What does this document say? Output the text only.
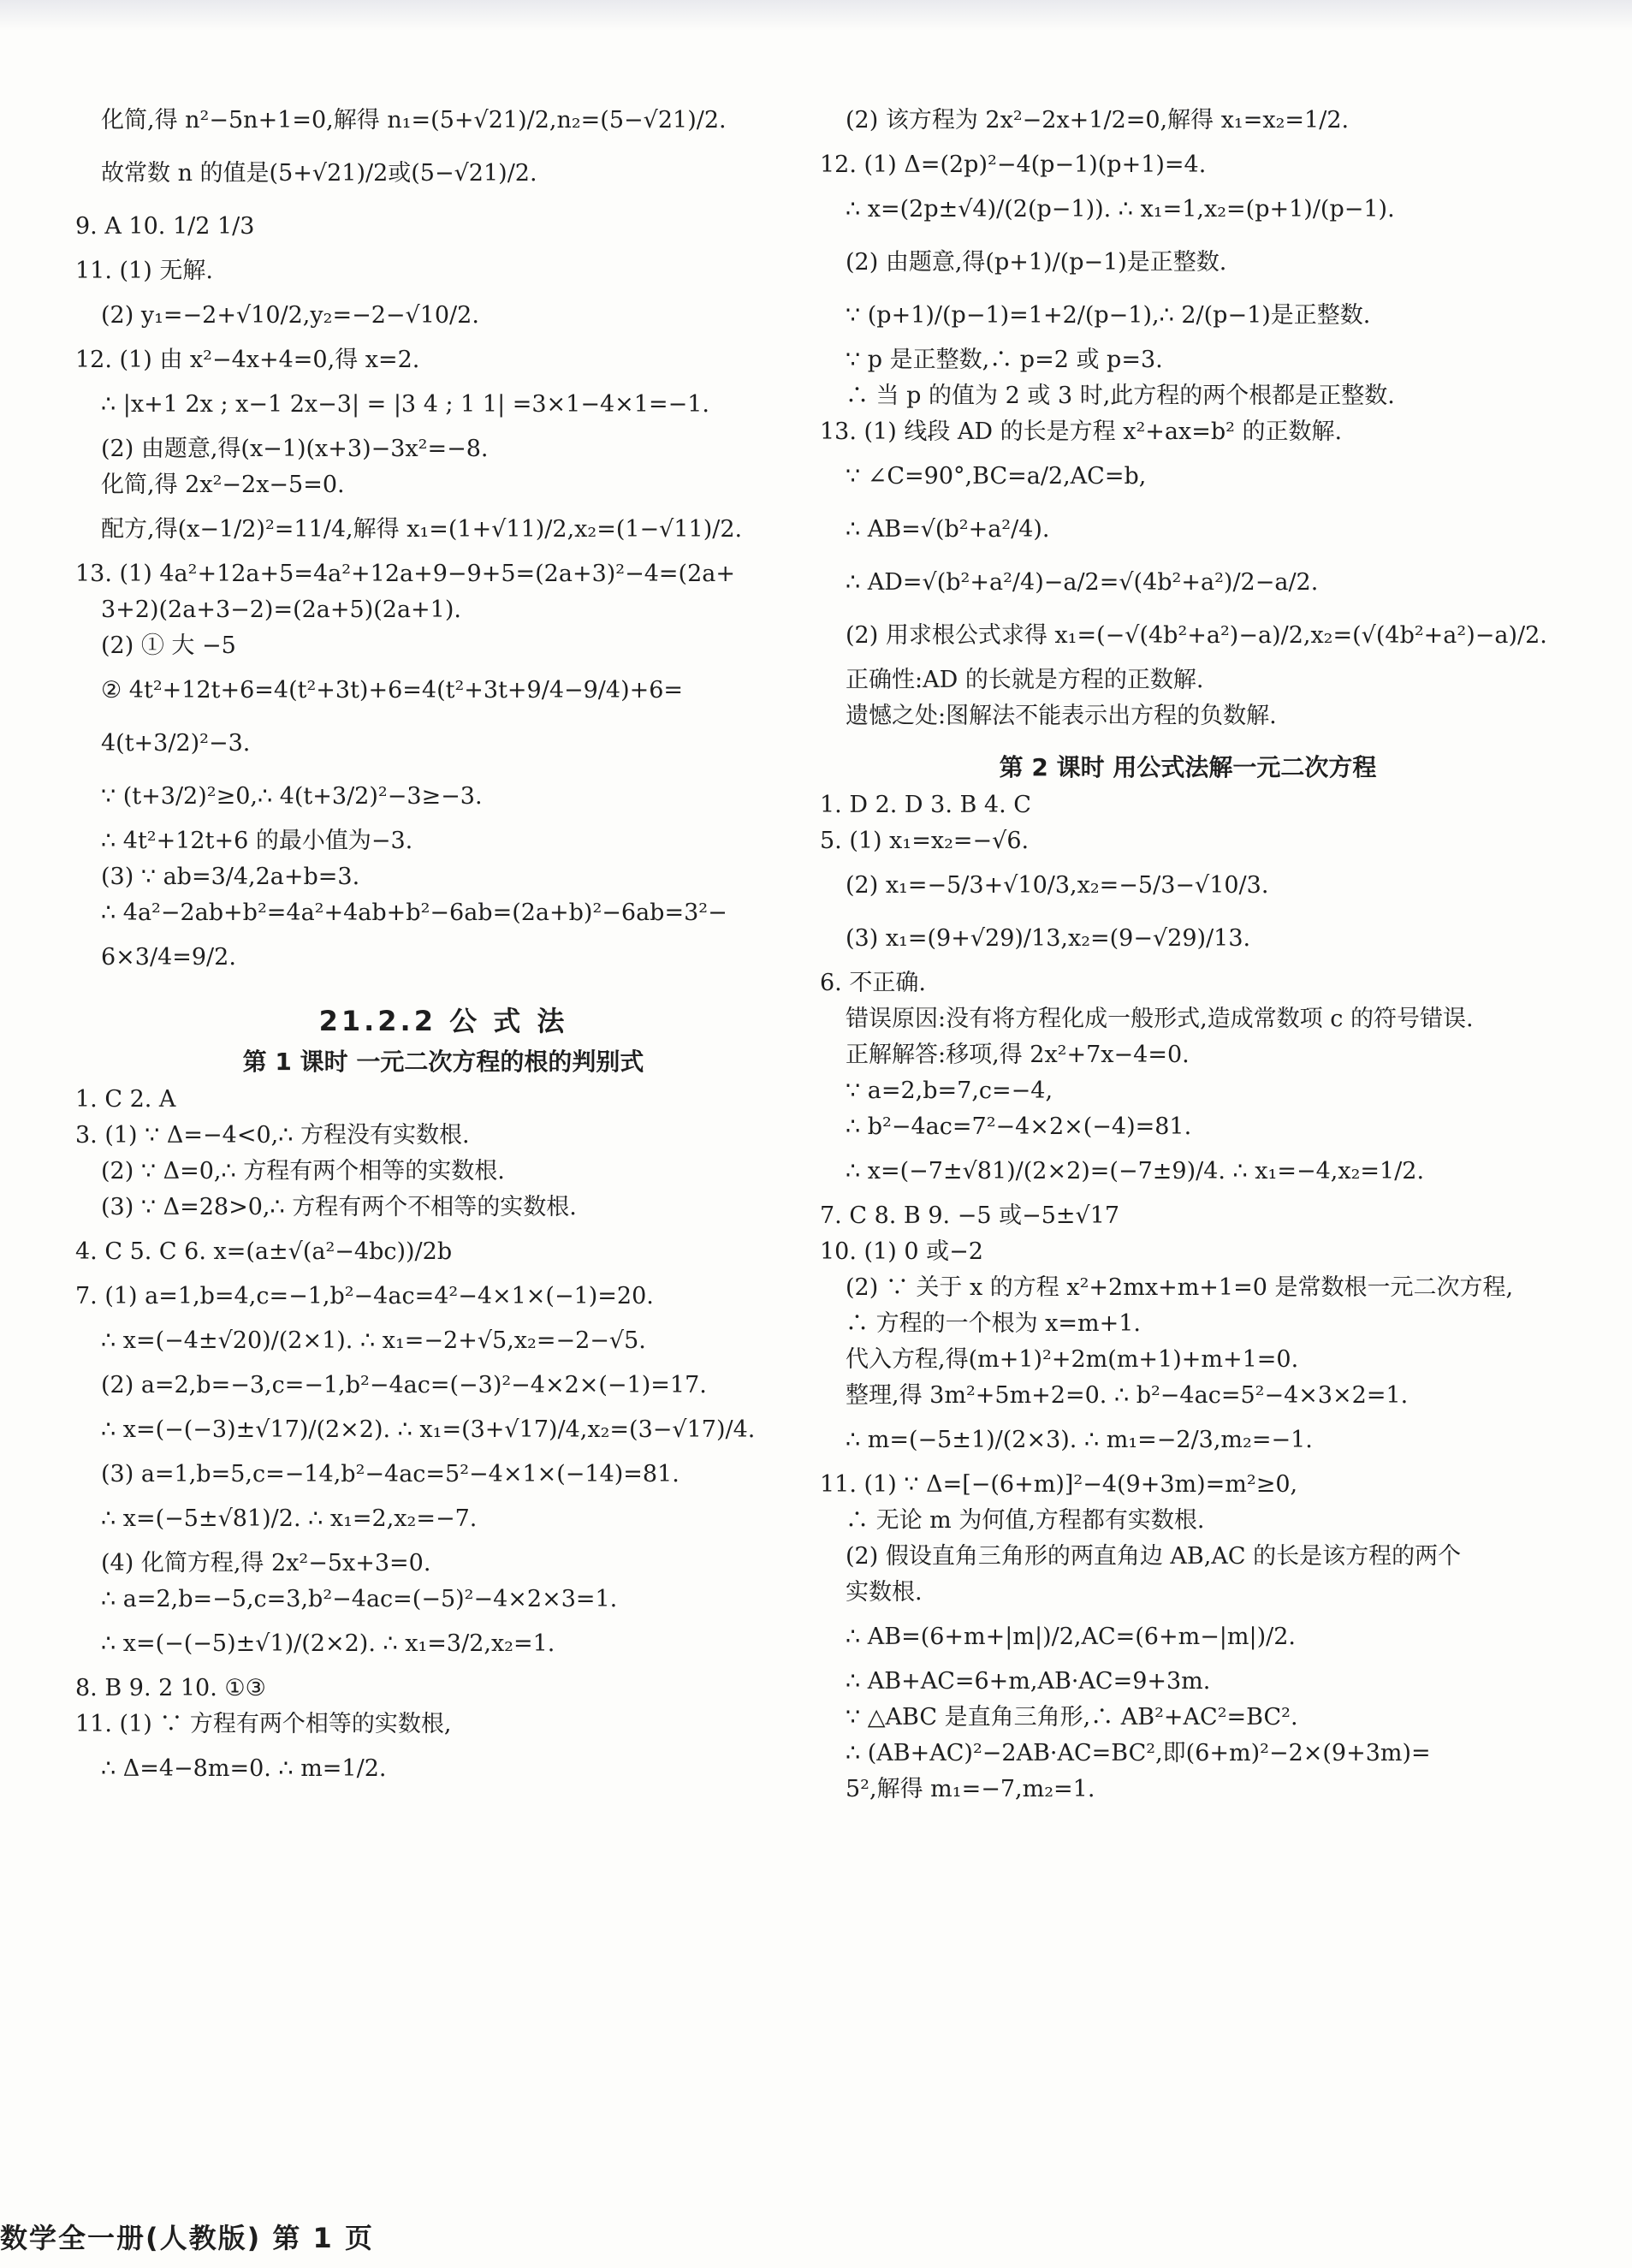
化简,得 n²−5n+1=0,解得 n₁=(5+√21)/2,n₂=(5−√21)/2.
故常数 n 的值是(5+√21)/2或(5−√21)/2.
9. A 10. 1/2 1/3
11. (1) 无解.
(2) y₁=−2+√10/2,y₂=−2−√10/2.
12. (1) 由 x²−4x+4=0,得 x=2.
∴ |x+1 2x ; x−1 2x−3| = |3 4 ; 1 1| =3×1−4×1=−1.
(2) 由题意,得(x−1)(x+3)−3x²=−8.
化简,得 2x²−2x−5=0.
配方,得(x−1/2)²=11/4,解得 x₁=(1+√11)/2,x₂=(1−√11)/2.
13. (1) 4a²+12a+5=4a²+12a+9−9+5=(2a+3)²−4=(2a+
3+2)(2a+3−2)=(2a+5)(2a+1).
(2) ① 大 −5
② 4t²+12t+6=4(t²+3t)+6=4(t²+3t+9/4−9/4)+6=
4(t+3/2)²−3.
∵ (t+3/2)²≥0,∴ 4(t+3/2)²−3≥−3.
∴ 4t²+12t+6 的最小值为−3.
(3) ∵ ab=3/4,2a+b=3.
∴ 4a²−2ab+b²=4a²+4ab+b²−6ab=(2a+b)²−6ab=3²−
6×3/4=9/2.
21.2.2 公 式 法
第 1 课时 一元二次方程的根的判别式
1. C 2. A
3. (1) ∵ Δ=−4<0,∴ 方程没有实数根.
(2) ∵ Δ=0,∴ 方程有两个相等的实数根.
(3) ∵ Δ=28>0,∴ 方程有两个不相等的实数根.
4. C 5. C 6. x=(a±√(a²−4bc))/2b
7. (1) a=1,b=4,c=−1,b²−4ac=4²−4×1×(−1)=20.
∴ x=(−4±√20)/(2×1). ∴ x₁=−2+√5,x₂=−2−√5.
(2) a=2,b=−3,c=−1,b²−4ac=(−3)²−4×2×(−1)=17.
∴ x=(−(−3)±√17)/(2×2). ∴ x₁=(3+√17)/4,x₂=(3−√17)/4.
(3) a=1,b=5,c=−14,b²−4ac=5²−4×1×(−14)=81.
∴ x=(−5±√81)/2. ∴ x₁=2,x₂=−7.
(4) 化简方程,得 2x²−5x+3=0.
∴ a=2,b=−5,c=3,b²−4ac=(−5)²−4×2×3=1.
∴ x=(−(−5)±√1)/(2×2). ∴ x₁=3/2,x₂=1.
8. B 9. 2 10. ①③
11. (1) ∵ 方程有两个相等的实数根,
∴ Δ=4−8m=0. ∴ m=1/2.
(2) 该方程为 2x²−2x+1/2=0,解得 x₁=x₂=1/2.
12. (1) Δ=(2p)²−4(p−1)(p+1)=4.
∴ x=(2p±√4)/(2(p−1)). ∴ x₁=1,x₂=(p+1)/(p−1).
(2) 由题意,得(p+1)/(p−1)是正整数.
∵ (p+1)/(p−1)=1+2/(p−1),∴ 2/(p−1)是正整数.
∵ p 是正整数,∴ p=2 或 p=3.
∴ 当 p 的值为 2 或 3 时,此方程的两个根都是正整数.
13. (1) 线段 AD 的长是方程 x²+ax=b² 的正数解.
∵ ∠C=90°,BC=a/2,AC=b,
∴ AB=√(b²+a²/4).
∴ AD=√(b²+a²/4)−a/2=√(4b²+a²)/2−a/2.
(2) 用求根公式求得 x₁=(−√(4b²+a²)−a)/2,x₂=(√(4b²+a²)−a)/2.
正确性:AD 的长就是方程的正数解.
遗憾之处:图解法不能表示出方程的负数解.
第 2 课时 用公式法解一元二次方程
1. D 2. D 3. B 4. C
5. (1) x₁=x₂=−√6.
(2) x₁=−5/3+√10/3,x₂=−5/3−√10/3.
(3) x₁=(9+√29)/13,x₂=(9−√29)/13.
6. 不正确.
错误原因:没有将方程化成一般形式,造成常数项 c 的符号错误.
正解解答:移项,得 2x²+7x−4=0.
∵ a=2,b=7,c=−4,
∴ b²−4ac=7²−4×2×(−4)=81.
∴ x=(−7±√81)/(2×2)=(−7±9)/4. ∴ x₁=−4,x₂=1/2.
7. C 8. B 9. −5 或−5±√17
10. (1) 0 或−2
(2) ∵ 关于 x 的方程 x²+2mx+m+1=0 是常数根一元二次方程,
∴ 方程的一个根为 x=m+1.
代入方程,得(m+1)²+2m(m+1)+m+1=0.
整理,得 3m²+5m+2=0. ∴ b²−4ac=5²−4×3×2=1.
∴ m=(−5±1)/(2×3). ∴ m₁=−2/3,m₂=−1.
11. (1) ∵ Δ=[−(6+m)]²−4(9+3m)=m²≥0,
∴ 无论 m 为何值,方程都有实数根.
(2) 假设直角三角形的两直角边 AB,AC 的长是该方程的两个
实数根.
∴ AB=(6+m+|m|)/2,AC=(6+m−|m|)/2.
∴ AB+AC=6+m,AB·AC=9+3m.
∵ △ABC 是直角三角形,∴ AB²+AC²=BC².
∴ (AB+AC)²−2AB·AC=BC²,即(6+m)²−2×(9+3m)=
5²,解得 m₁=−7,m₂=1.
数学全一册(人教版) 第 1 页
